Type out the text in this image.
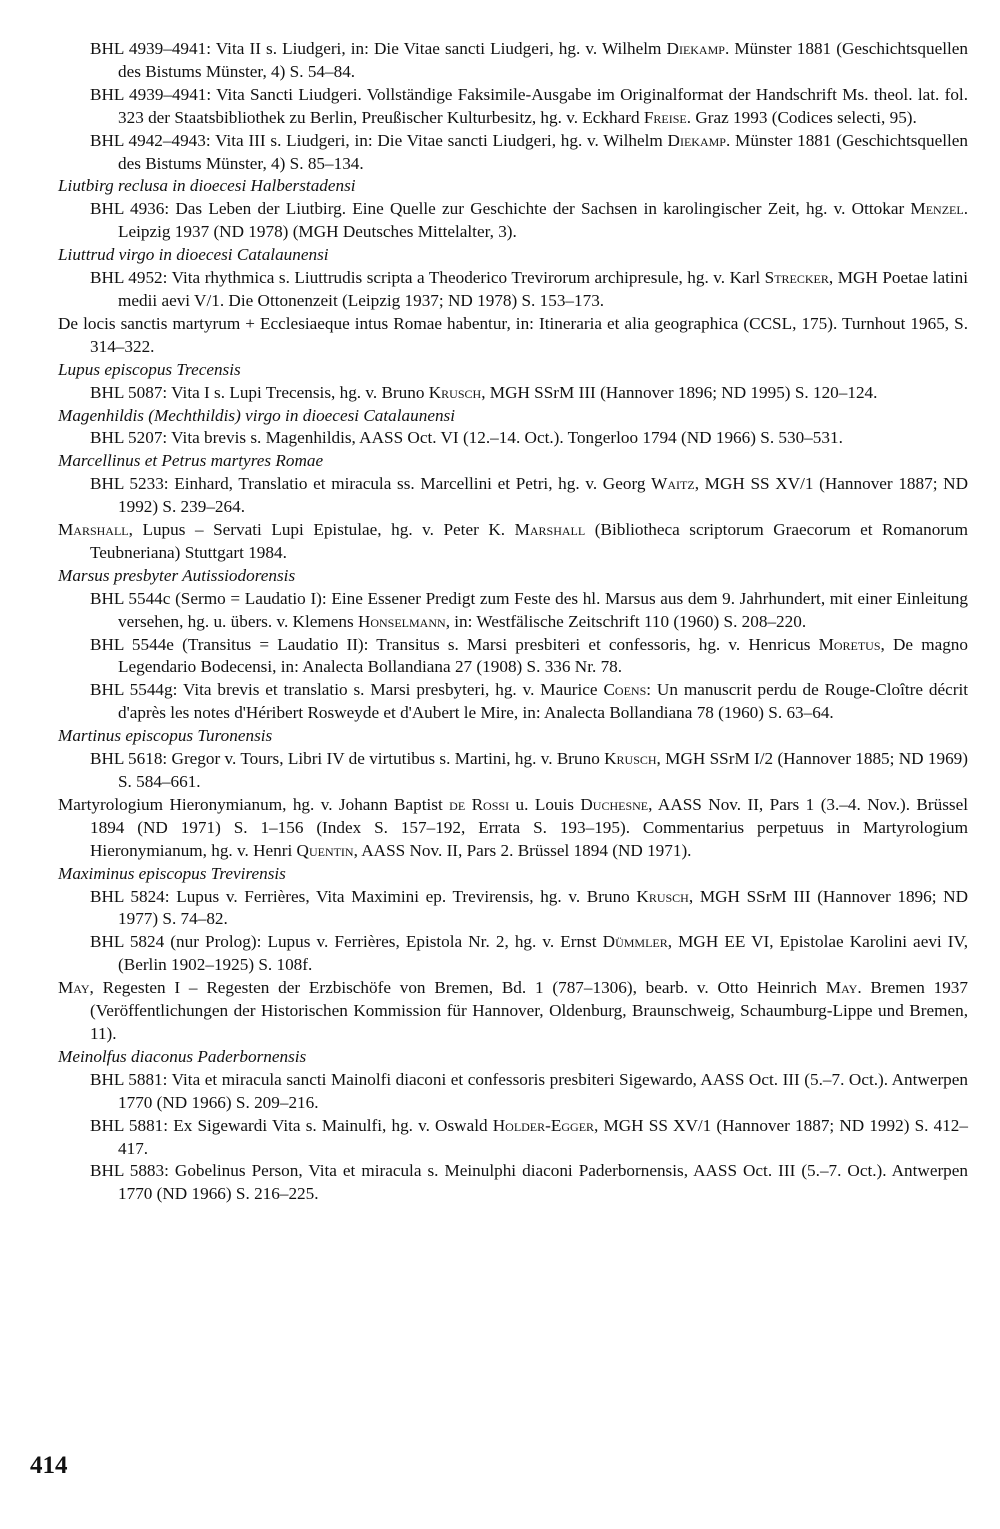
BHL 4939–4941: Vita II s. Liudgeri, in: Die Vitae sancti Liudgeri, hg. v. Wilhelm Diekamp. Münster 1881 (Geschichtsquellen des Bistums Münster, 4) S. 54–84.

BHL 4939–4941: Vita Sancti Liudgeri. Vollständige Faksimile-Ausgabe im Originalformat der Handschrift Ms. theol. lat. fol. 323 der Staatsbibliothek zu Berlin, Preußischer Kulturbesitz, hg. v. Eckhard Freise. Graz 1993 (Codices selecti, 95).

BHL 4942–4943: Vita III s. Liudgeri, in: Die Vitae sancti Liudgeri, hg. v. Wilhelm Diekamp. Münster 1881 (Geschichtsquellen des Bistums Münster, 4) S. 85–134.

Liutbirg reclusa in dioecesi Halberstadensi

BHL 4936: Das Leben der Liutbirg. Eine Quelle zur Geschichte der Sachsen in karolingischer Zeit, hg. v. Ottokar Menzel. Leipzig 1937 (ND 1978) (MGH Deutsches Mittelalter, 3).

Liuttrud virgo in dioecesi Catalaunensi

BHL 4952: Vita rhythmica s. Liuttrudis scripta a Theoderico Trevirorum archipresule, hg. v. Karl Strecker, MGH Poetae latini medii aevi V/1. Die Ottonenzeit (Leipzig 1937; ND 1978) S. 153–173.

De locis sanctis martyrum + Ecclesiaeque intus Romae habentur, in: Itineraria et alia geographica (CCSL, 175). Turnhout 1965, S. 314–322.

Lupus episcopus Trecensis

BHL 5087: Vita I s. Lupi Trecensis, hg. v. Bruno Krusch, MGH SSrM III (Hannover 1896; ND 1995) S. 120–124.

Magenhildis (Mechthildis) virgo in dioecesi Catalaunensi

BHL 5207: Vita brevis s. Magenhildis, AASS Oct. VI (12.–14. Oct.). Tongerloo 1794 (ND 1966) S. 530–531.

Marcellinus et Petrus martyres Romae

BHL 5233: Einhard, Translatio et miracula ss. Marcellini et Petri, hg. v. Georg Waitz, MGH SS XV/1 (Hannover 1887; ND 1992) S. 239–264.

Marshall, Lupus – Servati Lupi Epistulae, hg. v. Peter K. Marshall (Bibliotheca scriptorum Graecorum et Romanorum Teubneriana) Stuttgart 1984.

Marsus presbyter Autissiodorensis

BHL 5544c (Sermo = Laudatio I): Eine Essener Predigt zum Feste des hl. Marsus aus dem 9. Jahrhundert, mit einer Einleitung versehen, hg. u. übers. v. Klemens Honselmann, in: Westfälische Zeitschrift 110 (1960) S. 208–220.

BHL 5544e (Transitus = Laudatio II): Transitus s. Marsi presbiteri et confessoris, hg. v. Henricus Moretus, De magno Legendario Bodecensi, in: Analecta Bollandiana 27 (1908) S. 336 Nr. 78.

BHL 5544g: Vita brevis et translatio s. Marsi presbyteri, hg. v. Maurice Coens: Un manuscrit perdu de Rouge-Cloître décrit d'après les notes d'Héribert Rosweyde et d'Aubert le Mire, in: Analecta Bollandiana 78 (1960) S. 63–64.

Martinus episcopus Turonensis

BHL 5618: Gregor v. Tours, Libri IV de virtutibus s. Martini, hg. v. Bruno Krusch, MGH SSrM I/2 (Hannover 1885; ND 1969) S. 584–661.

Martyrologium Hieronymianum, hg. v. Johann Baptist de Rossi u. Louis Duchesne, AASS Nov. II, Pars 1 (3.–4. Nov.). Brüssel 1894 (ND 1971) S. 1–156 (Index S. 157–192, Errata S. 193–195). Commentarius perpetuus in Martyrologium Hieronymianum, hg. v. Henri Quentin, AASS Nov. II, Pars 2. Brüssel 1894 (ND 1971).

Maximinus episcopus Trevirensis

BHL 5824: Lupus v. Ferrières, Vita Maximini ep. Trevirensis, hg. v. Bruno Krusch, MGH SSrM III (Hannover 1896; ND 1977) S. 74–82.

BHL 5824 (nur Prolog): Lupus v. Ferrières, Epistola Nr. 2, hg. v. Ernst Dümmler, MGH EE VI, Epistolae Karolini aevi IV, (Berlin 1902–1925) S. 108f.

May, Regesten I – Regesten der Erzbischöfe von Bremen, Bd. 1 (787–1306), bearb. v. Otto Heinrich May. Bremen 1937 (Veröffentlichungen der Historischen Kommission für Hannover, Oldenburg, Braunschweig, Schaumburg-Lippe und Bremen, 11).

Meinolfus diaconus Paderbornensis

BHL 5881: Vita et miracula sancti Mainolfi diaconi et confessoris presbiteri Sigewardo, AASS Oct. III (5.–7. Oct.). Antwerpen 1770 (ND 1966) S. 209–216.

BHL 5881: Ex Sigewardi Vita s. Mainulfi, hg. v. Oswald Holder-Egger, MGH SS XV/1 (Hannover 1887; ND 1992) S. 412–417.

BHL 5883: Gobelinus Person, Vita et miracula s. Meinulphi diaconi Paderbornensis, AASS Oct. III (5.–7. Oct.). Antwerpen 1770 (ND 1966) S. 216–225.

414
